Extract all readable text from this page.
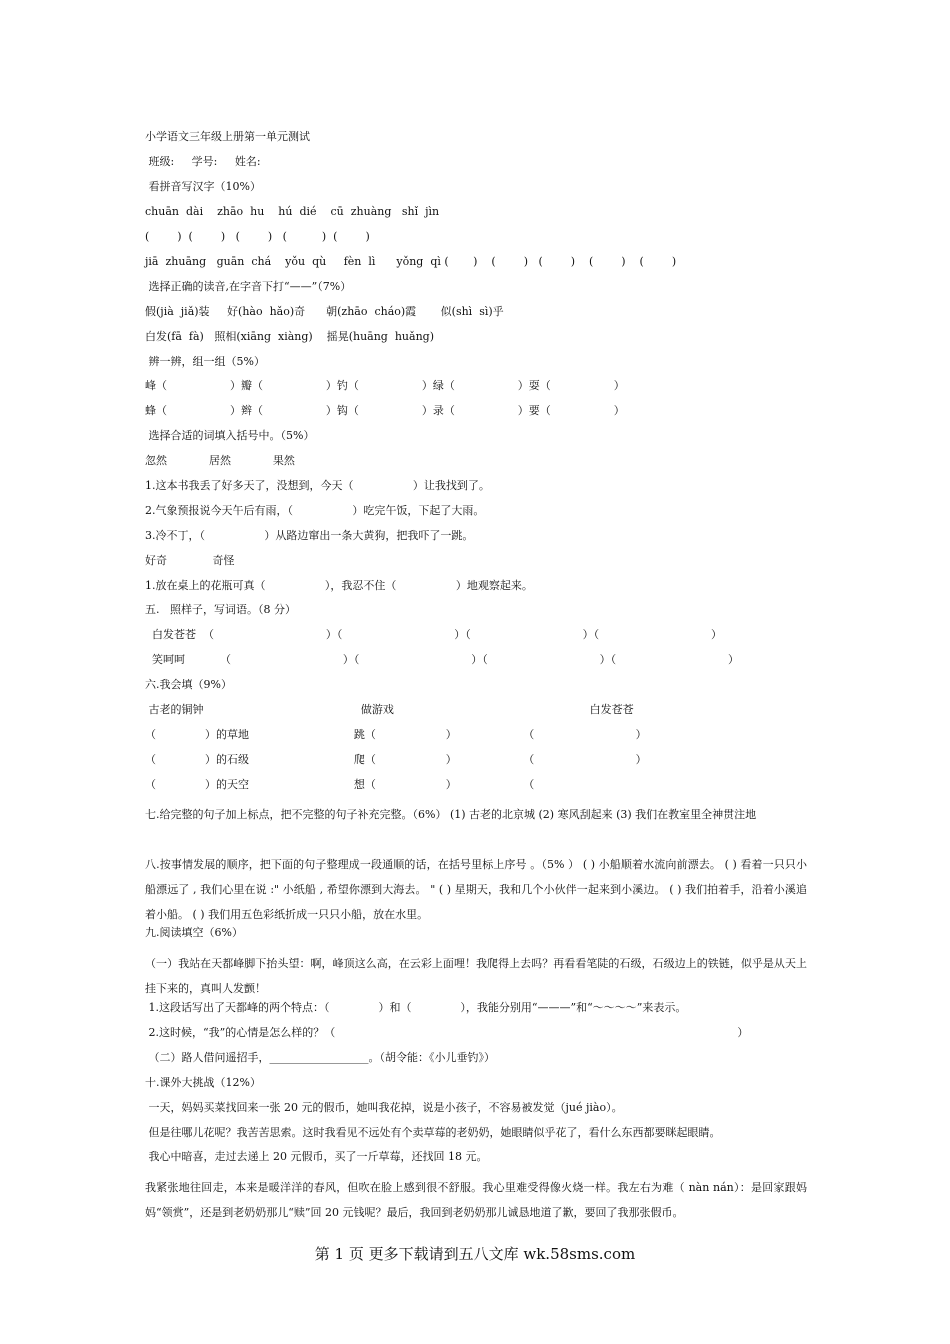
小学语文三年级上册第一单元测试
班级:     学号:     姓名:
看拼音写汉字（10%）
chuān  dài    zhāo  hu    hú  dié    cū  zhuàng   shǐ  jìn
(        )  (        )   (        )   (          )  (        )
jiā  zhuāng   guān  chá    yǒu  qù     fèn  lì      yǒng  qì (       )    (        )   (        )    (        )    (        )
选择正确的读音,在字音下打“——”（7%）
假(jià  jiǎ)装     好(hào  hǎo)奇      朝(zhāo  cháo)霞       似(shì  sì)乎
白发(fā  fà)   照相(xiāng  xiàng)    摇晃(huāng  huǎng)
辨一辨，组一组（5%）
峰（                  ）瓣（                  ）钓（                  ）绿（                  ）耍（                  ）
蜂（                  ）辫（                  ）钩（                  ）录（                  ）要（                  ）
选择合适的词填入括号中。（5%）
忽然            居然            果然
1.这本书我丢了好多天了，没想到，今天（                 ）让我找到了。
2.气象预报说今天午后有雨，（                 ）吃完午饭，下起了大雨。
3.冷不丁，（                 ）从路边窜出一条大黄狗，把我吓了一跳。
好奇             奇怪
1.放在桌上的花瓶可真（                 ），我忍不住（                 ）地观察起来。
五.   照样子，写词语。（8 分）
白发苍苍  （                                ）（                                ）（                                ）（                                ）
笑呵呵          （                                ）（                                ）（                                ）（                                ）
六.我会填（9%）
古老的铜钟                                             做游戏                                                        白发苍苍
（              ）的草地                              跳（                    ）                   （                             ）
（              ）的石级                              爬（                    ）                   （                             ）
（              ）的天空                              想（                    ）                   （
七.给完整的句子加上标点，把不完整的句子补充完整。（6%） (1) 古老的北京城 (2) 寒风刮起来 (3) 我们在教室里全神贯注地
八.按事情发展的顺序，把下面的句子整理成一段通顺的话，在括号里标上序号 。（5% ） ( ) 小船顺着水流向前漂去。 ( ) 看着一只只小船漂远了 , 我们心里在说 :" 小纸船 , 希望你漂到大海去。 " ( ) 星期天，我和几个小伙伴一起来到小溪边。 ( ) 我们拍着手，沿着小溪追着小船。 ( ) 我们用五色彩纸折成一只只小船，放在水里。
九.阅读填空（6%）
（一）我站在天都峰脚下抬头望：啊，峰顶这么高，在云彩上面哩！我爬得上去吗？再看看笔陡的石级，石级边上的铁链，似乎是从天上挂下来的，真叫人发颤！
1.这段话写出了天都峰的两个特点：（              ）和（              ），我能分别用“———”和“～～～～”来表示。
2.这时候，“我”的心情是怎么样的？（                                                                                                                   ）
（二）路人借问遥招手，__________________。（胡令能：《小儿垂钓》）
十.课外大挑战（12%）
一天，妈妈买菜找回来一张 20 元的假币，她叫我花掉，说是小孩子，不容易被发觉（jué jiào）。
但是往哪儿花呢？我苦苦思索。这时我看见不远处有个卖草莓的老奶奶，她眼睛似乎花了，看什么东西都要眯起眼睛。
我心中暗喜，走过去递上 20 元假币，买了一斤草莓，还找回 18 元。
我紧张地往回走，本来是暖洋洋的春风，但吹在脸上感到很不舒服。我心里难受得像火烧一样。我左右为难（ nàn nán）：是回家跟妈妈“领赏”，还是到老奶奶那儿“赎”回 20 元钱呢？最后，我回到老奶奶那儿诚恳地道了歉，要回了我那张假币。
第 1 页 更多下载请到五八文库 wk.58sms.com
